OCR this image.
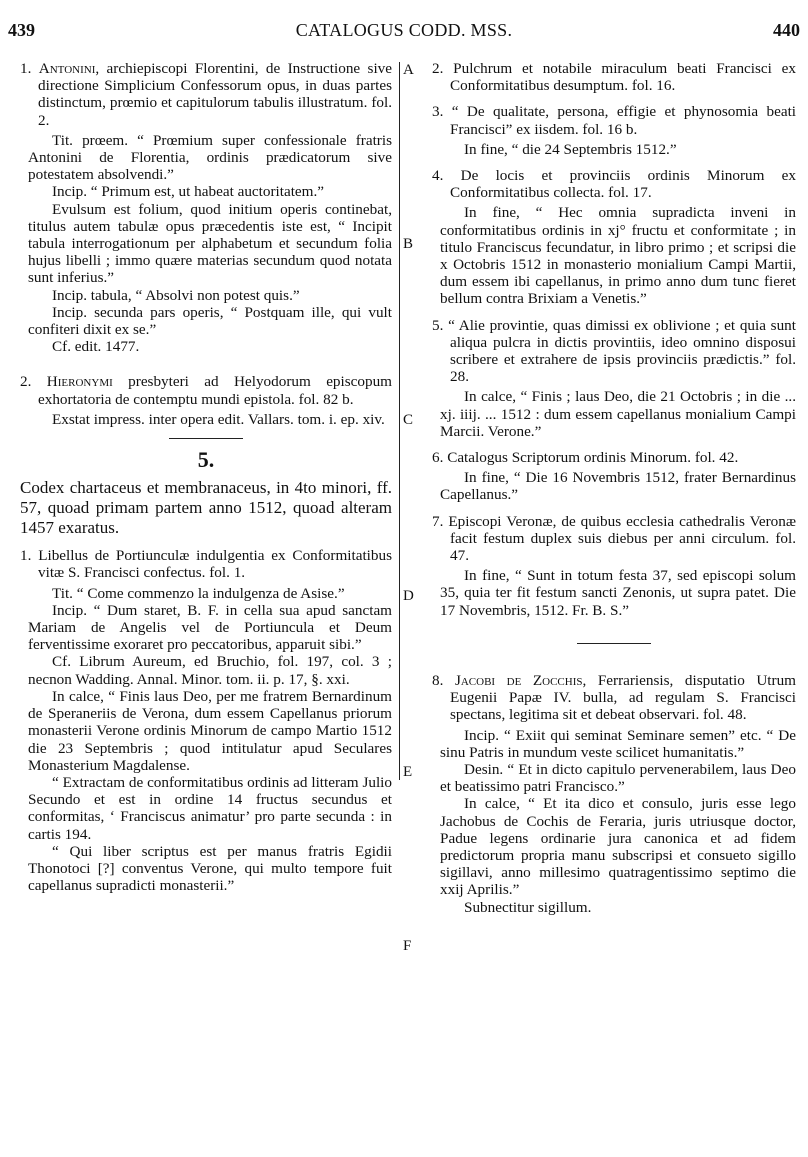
439	CATALOGUS CODD. MSS.	440
A
B
C
D
E
F

1. Antonini, archiepiscopi Florentini, de Instructione sive directione Simplicium Confessorum opus, in duas partes distinctum, prœmio et capitulorum tabulis illustratum. fol. 2.

Tit. prœem. “ Prœmium super confessionale fratris Antonini de Florentia, ordinis prædicatorum sive potestatem absolvendi.”

Incip. “ Primum est, ut habeat auctoritatem.”

Evulsum est folium, quod initium operis continebat, titulus autem tabulæ opus præcedentis iste est, “ Incipit tabula interrogationum per alphabetum et secundum folia hujus libelli ; immo quære materias secundum quod notata sunt inferius.”

Incip. tabula, “ Absolvi non potest quis.”

Incip. secunda pars operis, “ Postquam ille, qui vult confiteri dixit ex se.”

Cf. edit. 1477.

2. Hieronymi presbyteri ad Helyodorum episcopum exhortatoria de contemptu mundi epistola. fol. 82 b.

Exstat impress. inter opera edit. Vallars. tom. i. ep. xiv.

5.

Codex chartaceus et membranaceus, in 4to minori, ff. 57, quoad primam partem anno 1512, quoad alteram 1457 exaratus.

1. Libellus de Portiunculæ indulgentia ex Conformitatibus vitæ S. Francisci confectus. fol. 1.

Tit. “ Come commenzo la indulgenza de Asise.”

Incip. “ Dum staret, B. F. in cella sua apud sanctam Mariam de Angelis vel de Portiuncula et Deum ferventissime exoraret pro peccatoribus, apparuit sibi.”

Cf. Librum Aureum, ed Bruchio, fol. 197, col. 3 ; necnon Wadding. Annal. Minor. tom. ii. p. 17, §. xxi.

In calce, “ Finis laus Deo, per me fratrem Bernardinum de Speraneriis de Verona, dum essem Capellanus priorum monasterii Verone ordinis Minorum de campo Martio 1512 die 23 Septembris ; quod intitulatur apud Seculares Monasterium Magdalense.

“ Extractam de conformitatibus ordinis ad litteram Julio Secundo et est in ordine 14 fructus secundus et conformitas, ‘ Franciscus animatur’ pro parte secunda : in cartis 194.

“ Qui liber scriptus est per manus fratris Egidii Thonotoci [?] conventus Verone, qui multo tempore fuit capellanus supradicti monasterii.”

2. Pulchrum et notabile miraculum beati Francisci ex Conformitatibus desumptum. fol. 16.

3. “ De qualitate, persona, effigie et phynosomia beati Francisci” ex iisdem. fol. 16 b.

In fine, “ die 24 Septembris 1512.”

4. De locis et provinciis ordinis Minorum ex Conformitatibus collecta. fol. 17.

In fine, “ Hec omnia supradicta inveni in conformitatibus ordinis in xj° fructu et conformitate ; in titulo Franciscus fecundatur, in libro primo ; et scripsi die x Octobris 1512 in monasterio monialium Campi Martii, dum essem ibi capellanus, in primo anno dum tunc fieret bellum contra Brixiam a Venetis.”

5. “ Alie provintie, quas dimissi ex oblivione ; et quia sunt aliqua pulcra in dictis provintiis, ideo omnino disposui scribere et extrahere de ipsis provinciis prædictis.” fol. 28.

In calce, “ Finis ; laus Deo, die 21 Octobris ; in die ... xj. iiij. ... 1512 : dum essem capellanus monialium Campi Marcii. Verone.”

6. Catalogus Scriptorum ordinis Minorum. fol. 42.

In fine, “ Die 16 Novembris 1512, frater Bernardinus Capellanus.”

7. Episcopi Veronæ, de quibus ecclesia cathedralis Veronæ facit festum duplex suis diebus per anni circulum. fol. 47.

In fine, “ Sunt in totum festa 37, sed episcopi solum 35, quia ter fit festum sancti Zenonis, ut supra patet. Die 17 Novembris, 1512. Fr. B. S.”

8. Jacobi de Zocchis, Ferrariensis, disputatio Utrum Eugenii Papæ IV. bulla, ad regulam S. Francisci spectans, legitima sit et debeat observari. fol. 48.

Incip. “ Exiit qui seminat Seminare semen” etc. “ De sinu Patris in mundum veste scilicet humanitatis.”

Desin. “ Et in dicto capitulo pervenerabilem, laus Deo et beatissimo patri Francisco.”

In calce, “ Et ita dico et consulo, juris esse lego Jachobus de Cochis de Feraria, juris utriusque doctor, Padue legens ordinarie jura canonica et ad fidem predictorum propria manu subscripsi et consueto sigillo sigillavi, anno millesimo quatragentissimo septimo die xxij Aprilis.”

Subnectitur sigillum.
